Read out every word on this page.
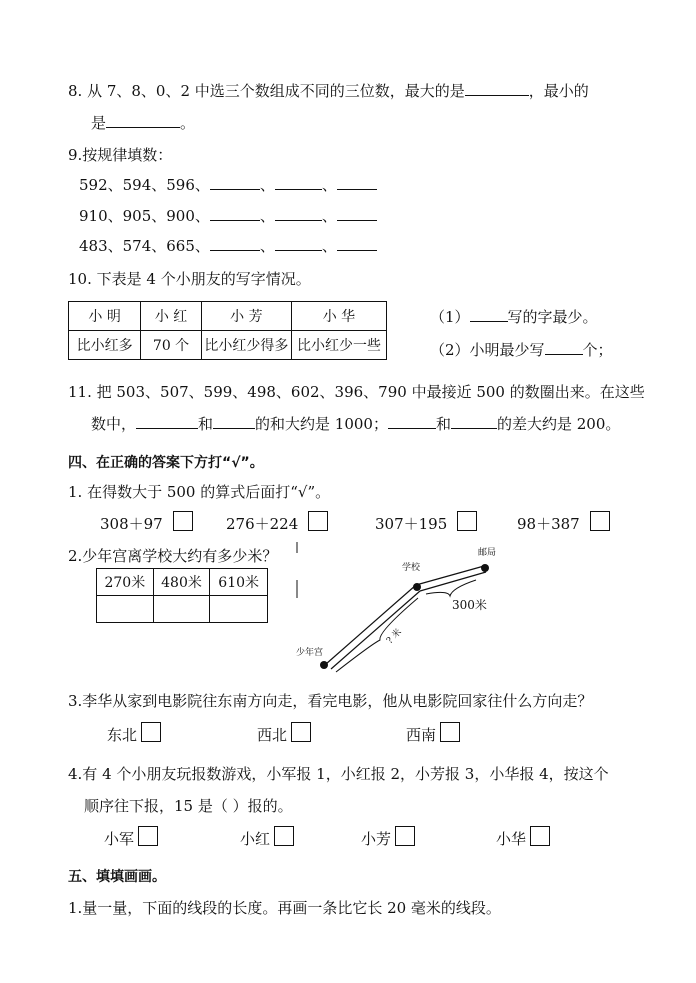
8. 从 7、8、0、2 中选三个数组成不同的三位数，最大的是	，最小的
是	。
9.按规律填数：
592、594、596、	、	、
910、905、900、	、	、
483、574、665、	、	、
10. 下表是 4 个小朋友的写字情况。
小 明	小 红	小 芳	小 华
比小红多	70 个	比小红少得多	比小红少一些
（1）	写的字最少。
（2）小明最少写	个；
11. 把 503、507、599、498、602、396、790 中最接近 500 的数圈出来。在这些
数中，	和	的和大约是 1000；	和	的差大约是 200。
四、在正确的答案下方打“√”。
1. 在得数大于 500 的算式后面打“√”。
308＋97	276＋224	307＋195	98＋387
2.少年宫离学校大约有多少米？
270米	480米	610米

学校
邮局
少年宫
300米
? 米
3.李华从家到电影院往东南方向走，看完电影，他从电影院回家往什么方向走？
东北	西北	西南
4.有 4 个小朋友玩报数游戏，小军报 1，小红报 2，小芳报 3，小华报 4，按这个
顺序往下报，15 是（ ）报的。
小军	小红	小芳	小华
五、填填画画。
1.量一量，下面的线段的长度。再画一条比它长 20 毫米的线段。
